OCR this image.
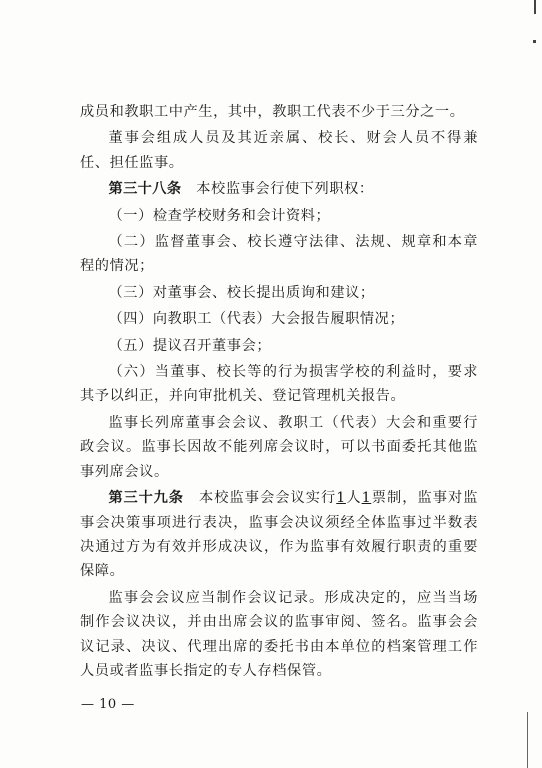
成员和教职工中产生，其中，教职工代表不少于三分之一。

董事会组成人员及其近亲属、校长、财会人员不得兼任、担任监事。

第三十八条　 本校监事会行使下列职权：

（一）检查学校财务和会计资料；

（二）监督董事会、校长遵守法律、法规、规章和本章程的情况；

（三）对董事会、校长提出质询和建议；

（四）向教职工（代表）大会报告履职情况；

（五）提议召开董事会；

（六）当董事、校长等的行为损害学校的利益时，要求其予以纠正，并向审批机关、登记管理机关报告。

监事长列席董事会会议、教职工（代表）大会和重要行政会议。监事长因故不能列席会议时，可以书面委托其他监事列席会议。

第三十九条　 本校监事会会议实行1人1票制，监事对监事会决策事项进行表决，监事会决议须经全体监事过半数表决通过方为有效并形成决议，作为监事有效履行职责的重要保障。

监事会会议应当制作会议记录。形成决定的，应当当场制作会议决议，并由出席会议的监事审阅、签名。监事会会议记录、决议、代理出席的委托书由本单位的档案管理工作人员或者监事长指定的专人存档保管。

— 10 —
